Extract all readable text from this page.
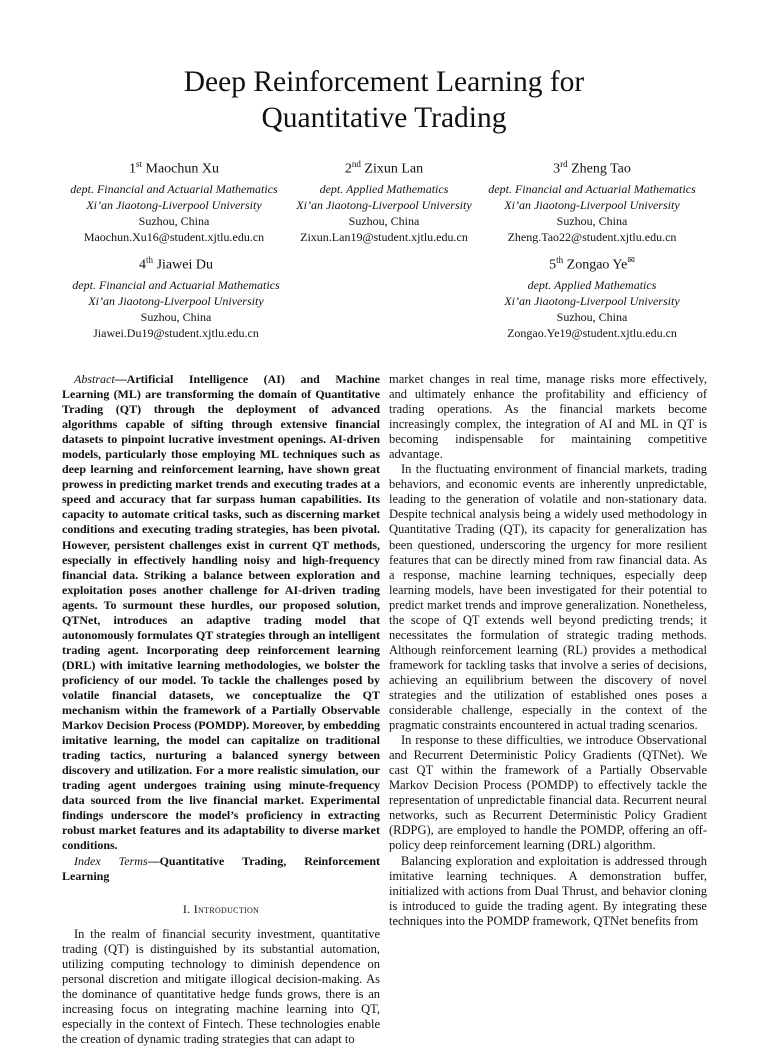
Deep Reinforcement Learning for
Quantitative Trading
1st Maochun Xu
dept. Financial and Actuarial Mathematics
Xi’an Jiaotong-Liverpool University
Suzhou, China
Maochun.Xu16@student.xjtlu.edu.cn
2nd Zixun Lan
dept. Applied Mathematics
Xi’an Jiaotong-Liverpool University
Suzhou, China
Zixun.Lan19@student.xjtlu.edu.cn
3rd Zheng Tao
dept. Financial and Actuarial Mathematics
Xi’an Jiaotong-Liverpool University
Suzhou, China
Zheng.Tao22@student.xjtlu.edu.cn
4th Jiawei Du
dept. Financial and Actuarial Mathematics
Xi’an Jiaotong-Liverpool University
Suzhou, China
Jiawei.Du19@student.xjtlu.edu.cn
5th Zongao Ye✉
dept. Applied Mathematics
Xi’an Jiaotong-Liverpool University
Suzhou, China
Zongao.Ye19@student.xjtlu.edu.cn

Abstract—Artificial Intelligence (AI) and Machine Learning (ML) are transforming the domain of Quantitative Trading (QT) through the deployment of advanced algorithms capable of sifting through extensive financial datasets to pinpoint lucrative investment openings. AI-driven models, particularly those employing ML techniques such as deep learning and reinforcement learning, have shown great prowess in predicting market trends and executing trades at a speed and accuracy that far surpass human capabilities. Its capacity to automate critical tasks, such as discerning market conditions and executing trading strategies, has been pivotal. However, persistent challenges exist in current QT methods, especially in effectively handling noisy and high-frequency financial data. Striking a balance between exploration and exploitation poses another challenge for AI-driven trading agents. To surmount these hurdles, our proposed solution, QTNet, introduces an adaptive trading model that autonomously formulates QT strategies through an intelligent trading agent. Incorporating deep reinforcement learning (DRL) with imitative learning methodologies, we bolster the proficiency of our model. To tackle the challenges posed by volatile financial datasets, we conceptualize the QT mechanism within the framework of a Partially Observable Markov Decision Process (POMDP). Moreover, by embedding imitative learning, the model can capitalize on traditional trading tactics, nurturing a balanced synergy between discovery and utilization. For a more realistic simulation, our trading agent undergoes training using minute-frequency data sourced from the live financial market. Experimental findings underscore the model’s proficiency in extracting robust market features and its adaptability to diverse market conditions.

Index Terms—Quantitative Trading, Reinforcement Learning

I. Introduction

In the realm of financial security investment, quantitative trading (QT) is distinguished by its substantial automation, utilizing computing technology to diminish dependence on personal discretion and mitigate illogical decision-making. As the dominance of quantitative hedge funds grows, there is an increasing focus on integrating machine learning into QT, especially in the context of Fintech. These technologies enable the creation of dynamic trading strategies that can adapt to

market changes in real time, manage risks more effectively, and ultimately enhance the profitability and efficiency of trading operations. As the financial markets become increasingly complex, the integration of AI and ML in QT is becoming indispensable for maintaining competitive advantage.

In the fluctuating environment of financial markets, trading behaviors, and economic events are inherently unpredictable, leading to the generation of volatile and non-stationary data. Despite technical analysis being a widely used methodology in Quantitative Trading (QT), its capacity for generalization has been questioned, underscoring the urgency for more resilient features that can be directly mined from raw financial data. As a response, machine learning techniques, especially deep learning models, have been investigated for their potential to predict market trends and improve generalization. Nonetheless, the scope of QT extends well beyond predicting trends; it necessitates the formulation of strategic trading methods. Although reinforcement learning (RL) provides a methodical framework for tackling tasks that involve a series of decisions, achieving an equilibrium between the discovery of novel strategies and the utilization of established ones poses a considerable challenge, especially in the context of the pragmatic constraints encountered in actual trading scenarios.

In response to these difficulties, we introduce Observational and Recurrent Deterministic Policy Gradients (QTNet). We cast QT within the framework of a Partially Observable Markov Decision Process (POMDP) to effectively tackle the representation of unpredictable financial data. Recurrent neural networks, such as Recurrent Deterministic Policy Gradient (RDPG), are employed to handle the POMDP, offering an off-policy deep reinforcement learning (DRL) algorithm.

Balancing exploration and exploitation is addressed through imitative learning techniques. A demonstration buffer, initialized with actions from Dual Thrust, and behavior cloning is introduced to guide the trading agent. By integrating these techniques into the POMDP framework, QTNet benefits from
